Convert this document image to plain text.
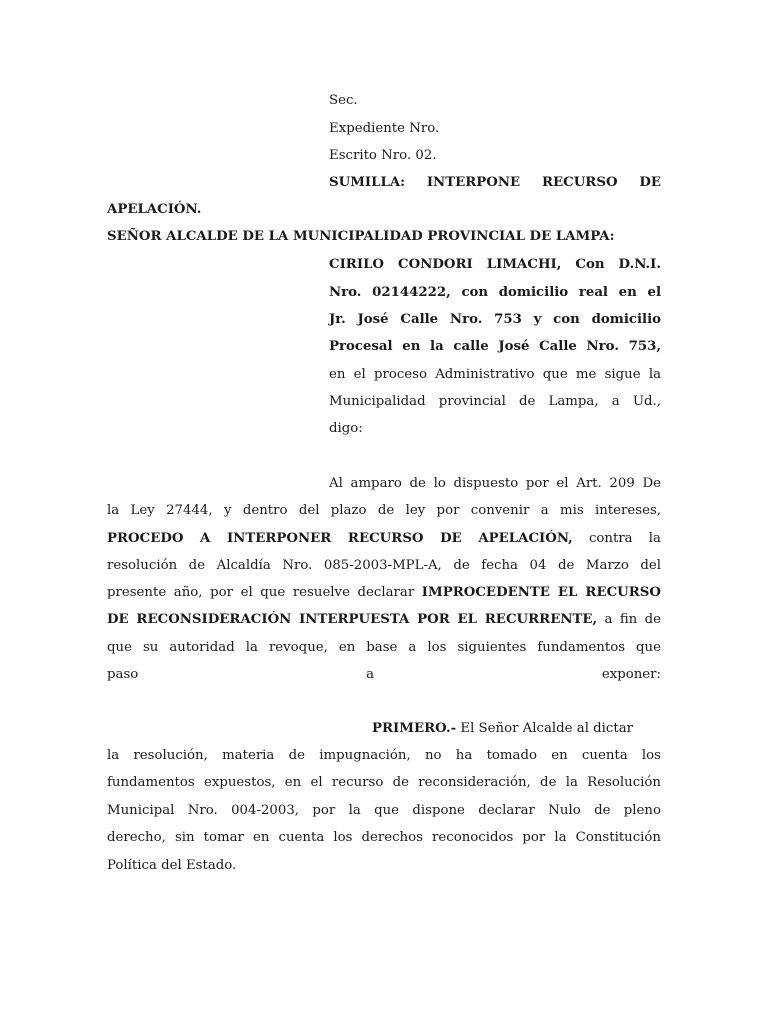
Sec.
Expediente Nro.
Escrito Nro. 02.
SUMILLA: INTERPONE RECURSO DE
APELACIÓN.
SEÑOR ALCALDE DE LA MUNICIPALIDAD PROVINCIAL DE LAMPA:
CIRILO CONDORI LIMACHI, Con D.N.I.
Nro. 02144222, con domicilio real en el
Jr. José Calle Nro. 753 y con domicilio
Procesal en la calle José Calle Nro. 753,
en el proceso Administrativo que me sigue la
Municipalidad provincial de Lampa, a Ud.,
digo:
Al amparo de lo dispuesto por el Art. 209 De
la Ley 27444, y dentro del plazo de ley por convenir a mis intereses,
PROCEDO A INTERPONER RECURSO DE APELACIÓN, contra la
resolución de Alcaldía Nro. 085-2003-MPL-A, de fecha 04 de Marzo del
presente año, por el que resuelve declarar IMPROCEDENTE EL RECURSO
DE RECONSIDERACIÓN INTERPUESTA POR EL RECURRENTE, a fin de
que su autoridad la revoque, en base a los siguientes fundamentos que
paso a exponer:
PRIMERO.- El Señor Alcalde al dictar
la resolución, materia de impugnación, no ha tomado en cuenta los
fundamentos expuestos, en el recurso de reconsideración, de la Resolución
Municipal Nro. 004-2003, por la que dispone declarar Nulo de pleno
derecho, sin tomar en cuenta los derechos reconocidos por la Constitución
Política del Estado.
